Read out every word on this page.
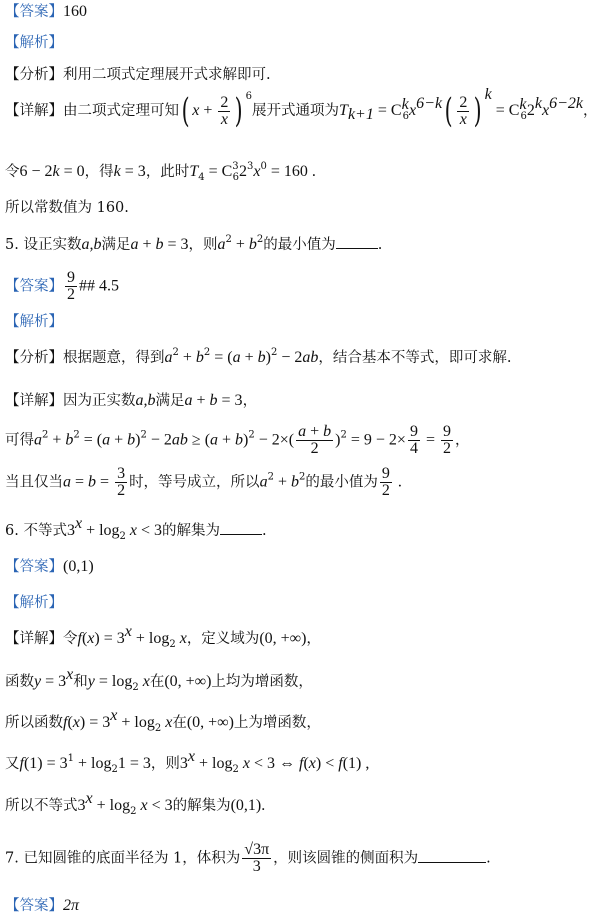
【答案】160
【解析】
【分析】利用二项式定理展开式求解即可.
【详解】由二项式定理可知( $x + \frac{2}{x}$ ) $^6$展开式通项为$T_{k+1} = C^k_6x^{6-k}( \frac{2}{x}$ ) $^k = C^k_62^kx^{6-2k}$，
令6 − 2k = 0，得k = 3，此时$T_4 = C^3_62^3x^0 = 160$ .
所以常数值为 160.
5. 设正实数a,b满足a + b = 3，则$a^2 + b^2$的最小值为	.
【答案】 $\frac{9}{2}$ ## 4.5
【解析】
【分析】根据题意，得到$a^2 + b^2 = (a + b)^2 - 2ab$，结合基本不等式，即可求解.
【详解】因为正实数a,b满足a + b = 3，
可得$a^2 + b^2 = (a + b)^2 - 2ab \ge (a + b)^2 - 2\times( \frac{a + b}{2} )^2 = 9 - 2\times \frac{9}{4} = \frac{9}{2}$ ，
当且仅当$a = b = \frac{3}{2}$ 时，等号成立，所以$a^2 + b^2$的最小值为 $\frac{9}{2}$ .
6. 不等式$3^x + \log_2 x < 3$的解集为	.
【答案】(0,1)
【解析】
【详解】令$f(x) = 3^x + \log_2 x$，定义域为(0, +∞)，
函数$y = 3^x$和$y = \log_2 x$在(0, +∞)上均为增函数，
所以函数$f(x) = 3^x + \log_2 x$在(0, +∞)上为增函数，
又$f(1) = 3^1 + \log_21 = 3$，则$3^x + \log_2 x < 3$ ⇔ f(x) < f(1) ,
所以不等式$3^x + \log_2 x < 3$的解集为(0,1).
7. 已知圆锥的底面半径为 1，体积为 $\frac{√3\pi}{3}$ ，则该圆锥的侧面积为	.
【答案】2π
